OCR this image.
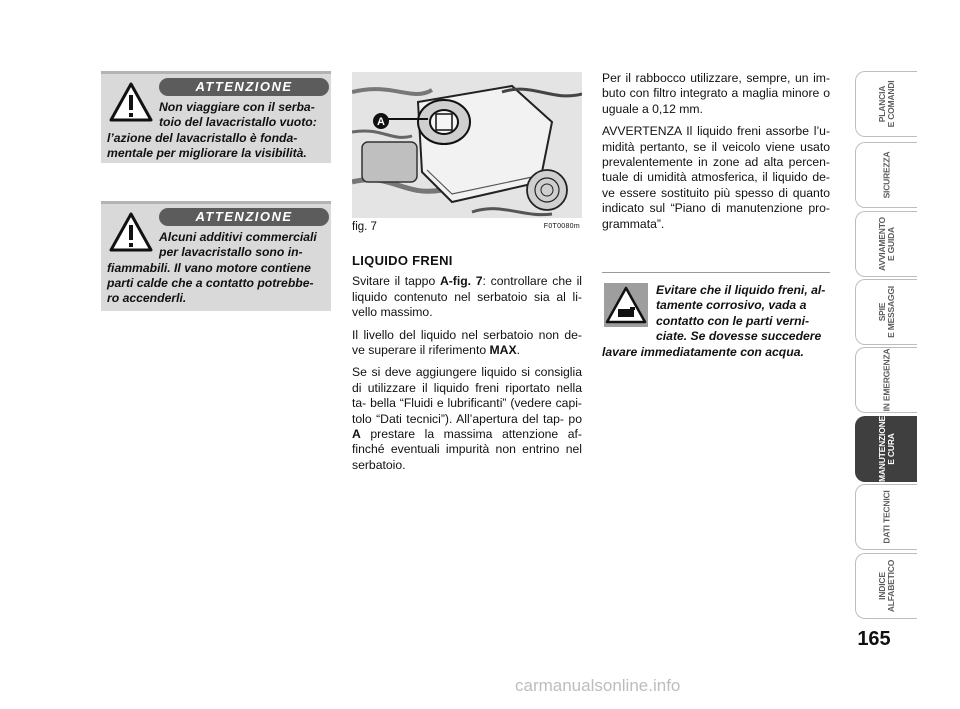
ATTENZIONE
Non viaggiare con il serba-
toio del lavacristallo vuoto:
l’azione del lavacristallo è fonda-
mentale per migliorare la visibilità.
ATTENZIONE
Alcuni additivi commerciali
per lavacristallo sono in-
fiammabili. Il vano motore contiene
parti calde che a contatto potrebbe-
ro accenderli.
A
fig. 7	F0T0080m
LIQUIDO FRENI

Svitare il tappo A-fig. 7: controllare che il liquido contenuto nel serbatoio sia al li- vello massimo.

Il livello del liquido nel serbatoio non de- ve superare il riferimento MAX.

Se si deve aggiungere liquido si consiglia di utilizzare il liquido freni riportato nella ta- bella “Fluidi e lubrificanti” (vedere capi- tolo “Dati tecnici”). All’apertura del tap- po A prestare la massima attenzione af- finché eventuali impurità non entrino nel serbatoio.

Per il rabbocco utilizzare, sempre, un im- buto con filtro integrato a maglia minore o uguale a 0,12 mm.

AVVERTENZA Il liquido freni assorbe l’u- midità pertanto, se il veicolo viene usato prevalentemente in zone ad alta percen- tuale di umidità atmosferica, il liquido de- ve essere sostituito più spesso di quanto indicato sul “Piano di manutenzione pro- grammata”.

Evitare che il liquido freni, al-
tamente corrosivo, vada a
contatto con le parti verni-
ciate. Se dovesse succedere
lavare immediatamente con acqua.
PLANCIA
E COMANDI
SICUREZZA
AVVIAMENTO
E GUIDA
SPIE
E MESSAGGI
IN EMERGENZA
MANUTENZIONE
E CURA
DATI TECNICI
INDICE
ALFABETICO
165
carmanualsonline.info
